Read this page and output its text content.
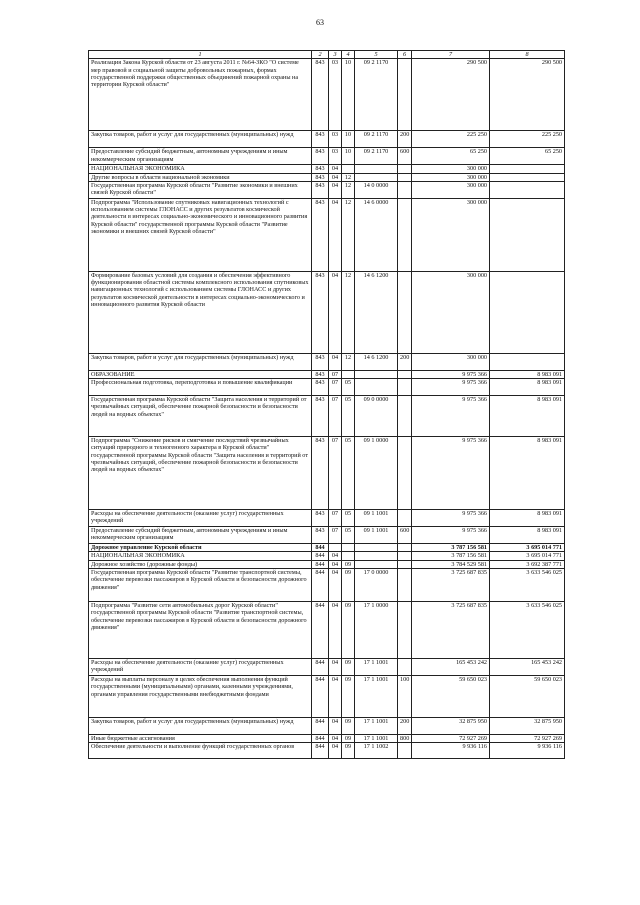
63
1	2	3	4	5	6	7	8
Реализация Закона Курской области от 23 августа 2011 г. №64-ЗКО "О системе мер правовой и социальной защиты добровольных пожарных, формах государственной поддержки общественных объединений пожарной охраны на территории Курской области"	843	03	10	09 2 1170		290 500	290 500
Закупка товаров, работ и услуг для государственных (муниципальных) нужд	843	03	10	09 2 1170	200	225 250	225 250
Предоставление субсидий бюджетным, автономным учреждениям и иным некоммерческим организациям	843	03	10	09 2 1170	600	65 250	65 250
НАЦИОНАЛЬНАЯ ЭКОНОМИКА	843	04				300 000	
Другие вопросы в области национальной экономики	843	04	12			300 000	
Государственная программа Курской области "Развитие экономики и внешних связей Курской области"	843	04	12	14 0 0000		300 000	
Подпрограмма "Использование спутниковых навигационных технологий с использованием системы ГЛОНАСС и других результатов космической деятельности в интересах социально-экономического и инновационного развития Курской области" государственной программы Курской области "Развитие экономики и внешних связей Курской области"	843	04	12	14 6 0000		300 000	
Формирование базовых условий для создания и обеспечения эффективного функционирования областной системы комплексного использования спутниковых навигационных технологий с использованием системы ГЛОНАСС и других результатов космической деятельности в интересах социально-экономического и инновационного развития Курской области	843	04	12	14 6 1200		300 000	
Закупка товаров, работ и услуг для государственных (муниципальных) нужд	843	04	12	14 6 1200	200	300 000	
ОБРАЗОВАНИЕ	843	07				9 975 366	8 983 091
Профессиональная подготовка, переподготовка и повышение квалификации	843	07	05			9 975 366	8 983 091
Государственная программа Курской области "Защита населения и территорий от чрезвычайных ситуаций, обеспечение пожарной безопасности и безопасности людей на водных объектах"	843	07	05	09 0 0000		9 975 366	8 983 091
Подпрограмма "Снижение рисков и смягчение последствий чрезвычайных ситуаций природного и техногенного характера в Курской области" государственной программы Курской области "Защита населения и территорий от чрезвычайных ситуаций, обеспечение пожарной безопасности и безопасности людей на водных объектах"	843	07	05	09 1 0000		9 975 366	8 983 091
Расходы на обеспечение деятельности (оказание услуг) государственных учреждений	843	07	05	09 1 1001		9 975 366	8 983 091
Предоставление субсидий бюджетным, автономным учреждениям и иным некоммерческим организациям	843	07	05	09 1 1001	600	9 975 366	8 983 091
Дорожное управление Курской области	844					3 787 156 581	3 695 014 771
НАЦИОНАЛЬНАЯ ЭКОНОМИКА	844	04				3 787 156 581	3 695 014 771
Дорожное хозяйство (дорожные фонды)	844	04	09			3 784 529 581	3 692 387 771
Государственная программа Курской области "Развитие транспортной системы, обеспечение перевозки пассажиров в Курской области и безопасности дорожного движения"	844	04	09	17 0 0000		3 725 687 835	3 633 546 025
Подпрограмма "Развитие сети автомобильных дорог Курской области" государственной программы Курской области "Развитие транспортной системы, обеспечение перевозки пассажиров в Курской области и безопасности дорожного движения"	844	04	09	17 1 0000		3 725 687 835	3 633 546 025
Расходы на обеспечение деятельности (оказание услуг) государственных учреждений	844	04	09	17 1 1001		165 453 242	165 453 242
Расходы на выплаты персоналу в целях обеспечения выполнения функций государственными (муниципальными) органами, казенными учреждениями, органами управления государственными внебюджетными фондами	844	04	09	17 1 1001	100	59 650 023	59 650 023
Закупка товаров, работ и услуг для государственных (муниципальных) нужд	844	04	09	17 1 1001	200	32 875 950	32 875 950
Иные бюджетные ассигнования	844	04	09	17 1 1001	800	72 927 269	72 927 269
Обеспечение деятельности и выполнение функций государственных органов	844	04	09	17 1 1002		9 936 116	9 936 116
